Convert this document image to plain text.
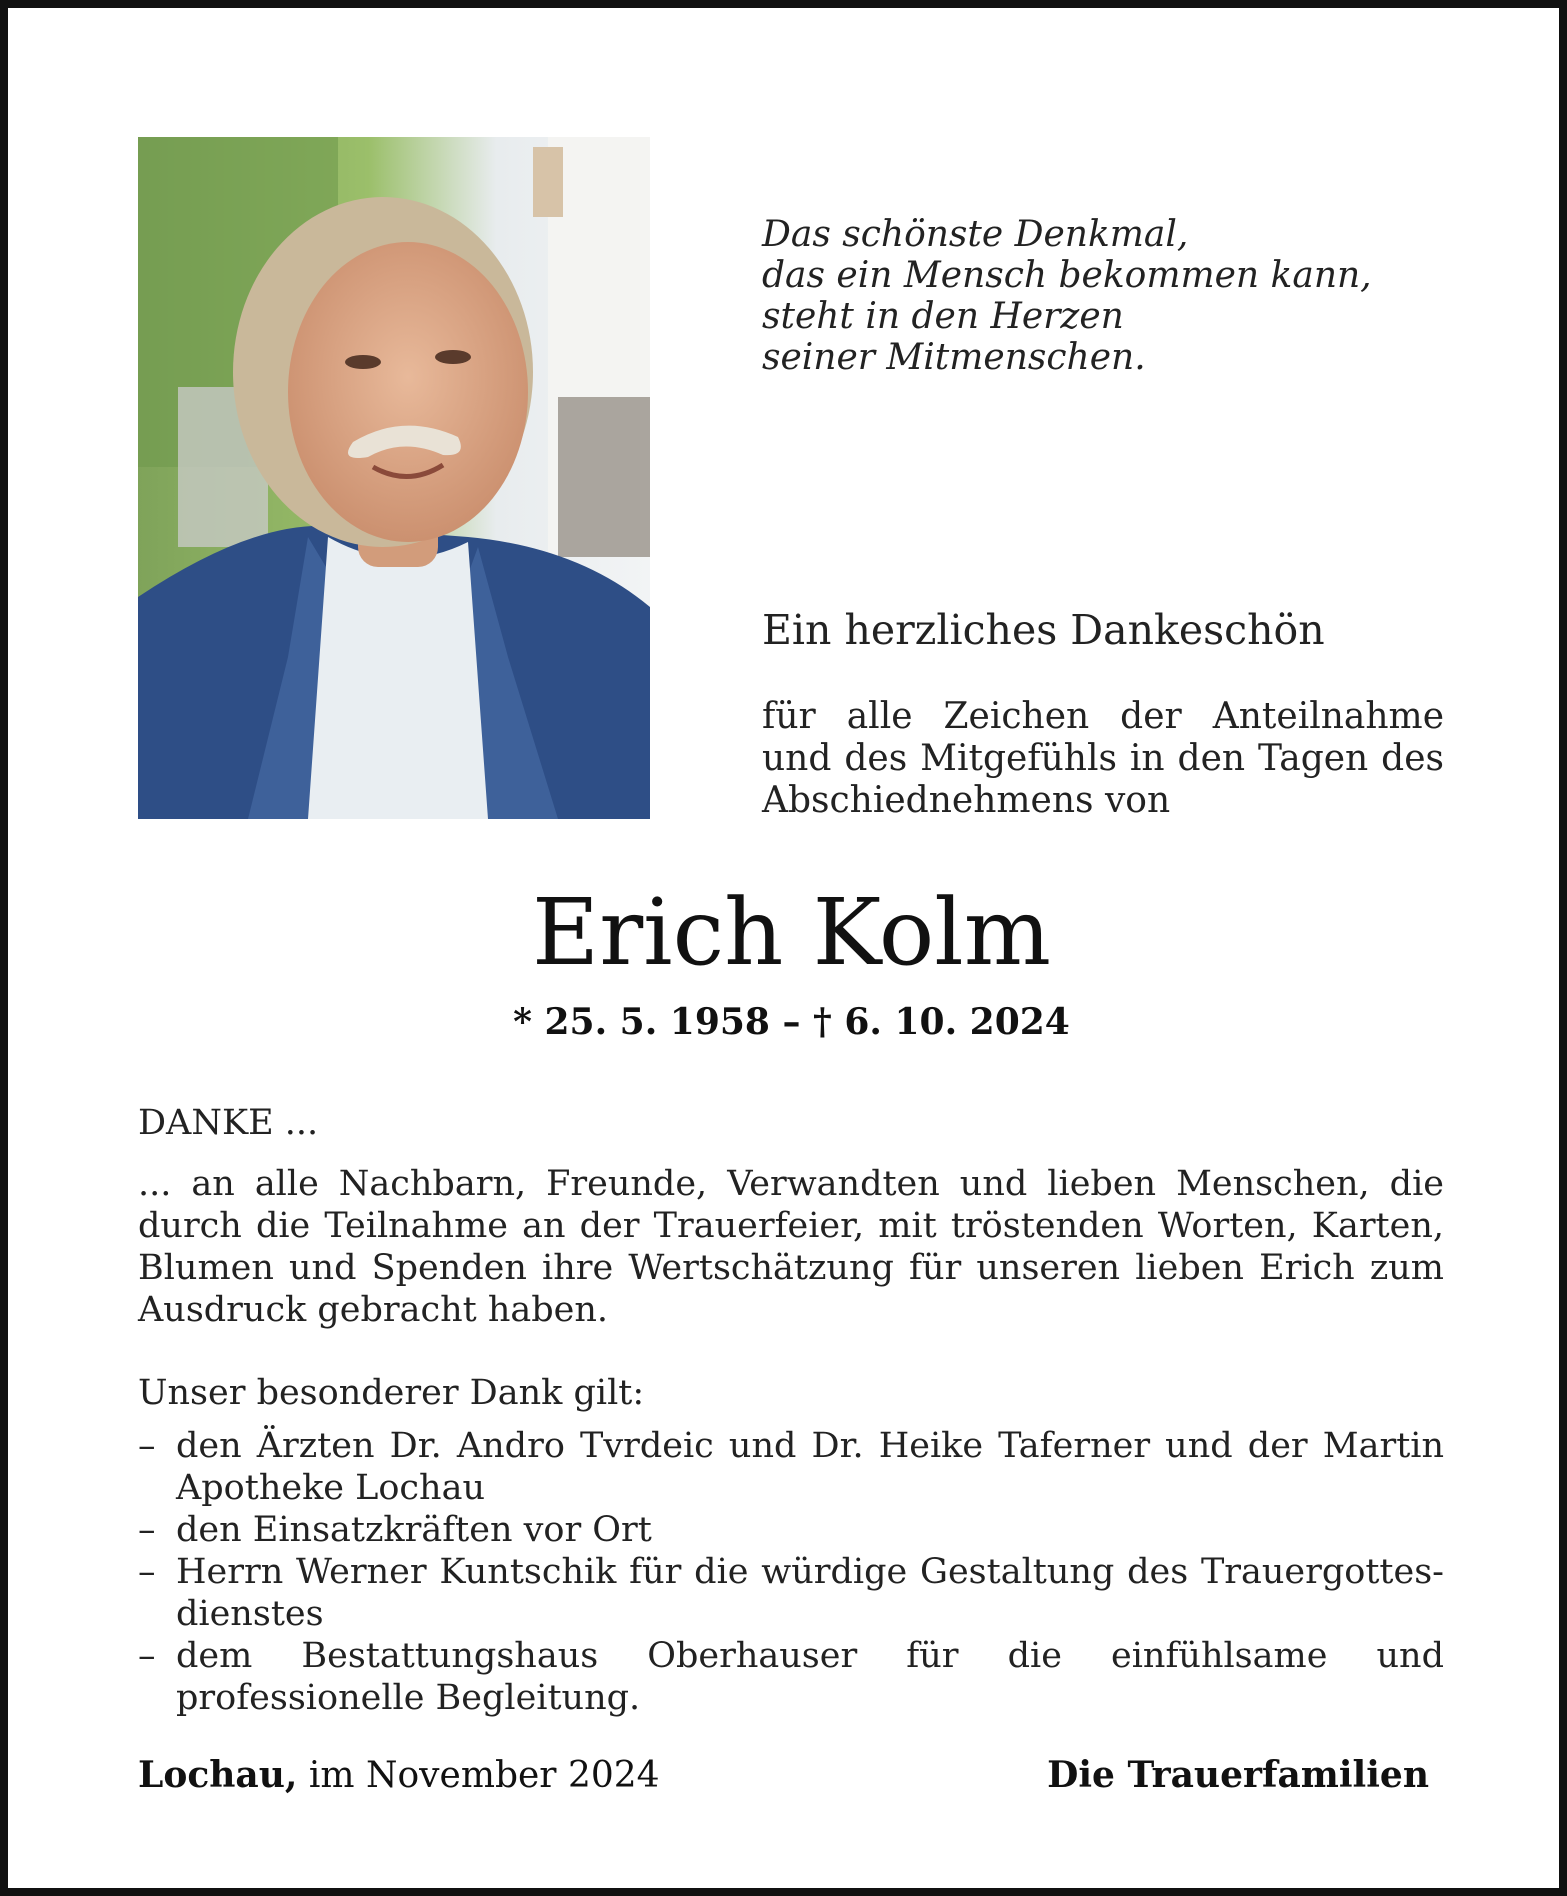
Das schönste Denkmal,
das ein Mensch bekommen kann,
steht in den Herzen
seiner Mitmenschen.
Ein herzliches Dankeschön
für alle Zeichen der Anteilnahme und des Mitgefühls in den Tagen des Abschiednehmens von
Erich Kolm
* 25. 5. 1958 – † 6. 10. 2024
DANKE ...
... an alle Nachbarn, Freunde, Verwandten und lieben Menschen, die durch die Teilnahme an der Trauerfeier, mit tröstenden Worten, Karten, Blumen und Spenden ihre Wertschätzung für unseren lieben Erich zum Ausdruck gebracht haben.
Unser besonderer Dank gilt:
– den Ärzten Dr. Andro Tvrdeic und Dr. Heike Taferner und der Martin Apotheke Lochau
– den Einsatzkräften vor Ort
– Herrn Werner Kuntschik für die würdige Gestaltung des Trauergottes- dienstes
– dem Bestattungshaus Oberhauser für die einfühlsame und professionelle Begleitung.
Lochau, im November 2024	Die Trauerfamilien
